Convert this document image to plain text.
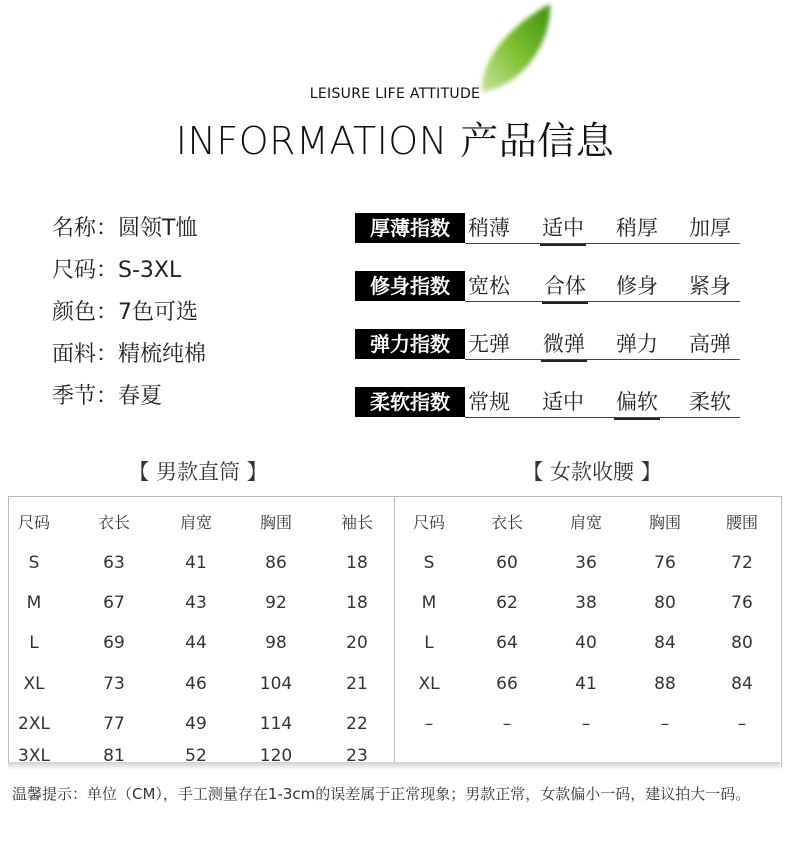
LEISURE LIFE ATTITUDE
INFORMATION 产品信息
名称：圆领T恤
尺码：S-3XL
颜色：7色可选
面料：精梳纯棉
季节：春夏
厚薄指数 稍薄 适中 稍厚 加厚
修身指数 宽松 合体 修身 紧身
弹力指数 无弹 微弹 弹力 高弹
柔软指数 常规 适中 偏软 柔软
【 男款直筒 】	【 女款收腰 】
尺码	衣长	肩宽	胸围	袖长
S	63	41	86	18
M	67	43	92	18
L	69	44	98	20
XL	73	46	104	21
2XL	77	49	114	22
3XL	81	52	120	23
尺码	衣长	肩宽	胸围	腰围
S	60	36	76	72
M	62	38	80	76
L	64	40	84	80
XL	66	41	88	84
–	–	–	–	–
温馨提示：单位（CM），手工测量存在1-3cm的误差属于正常现象；男款正常，女款偏小一码，建议拍大一码。
